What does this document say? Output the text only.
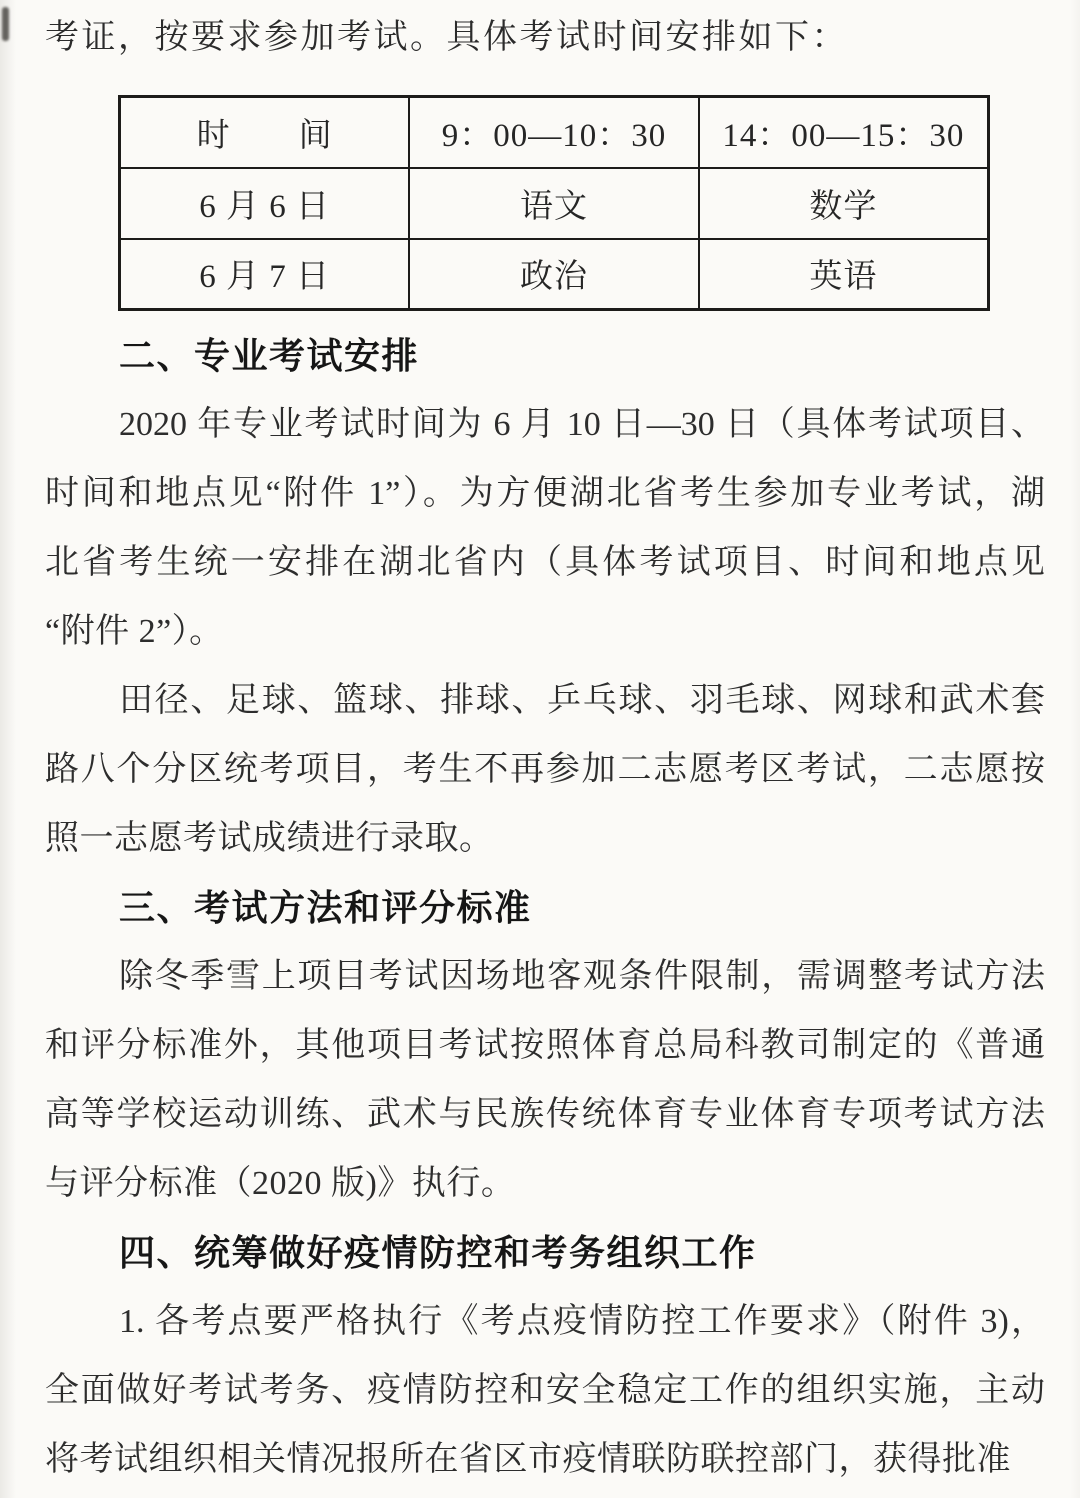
考证，按要求参加考试。具体考试时间安排如下：
时　　间	9：00—10：30	14：00—15：30
6 月 6 日	语文	数学
6 月 7 日	政治	英语
二、专业考试安排
2020 年专业考试时间为 6 月 10 日—30 日（具体考试项目、
时间和地点见“附件 1”）。为方便湖北省考生参加专业考试，湖
北省考生统一安排在湖北省内（具体考试项目、时间和地点见
“附件 2”）。
田径、足球、篮球、排球、乒乓球、羽毛球、网球和武术套
路八个分区统考项目，考生不再参加二志愿考区考试，二志愿按
照一志愿考试成绩进行录取。
三、考试方法和评分标准
除冬季雪上项目考试因场地客观条件限制，需调整考试方法
和评分标准外，其他项目考试按照体育总局科教司制定的《普通
高等学校运动训练、武术与民族传统体育专业体育专项考试方法
与评分标准（2020 版)》执行。
四、统筹做好疫情防控和考务组织工作
1. 各考点要严格执行《考点疫情防控工作要求》（附件 3)，
全面做好考试考务、疫情防控和安全稳定工作的组织实施，主动
将考试组织相关情况报所在省区市疫情联防联控部门，获得批准
